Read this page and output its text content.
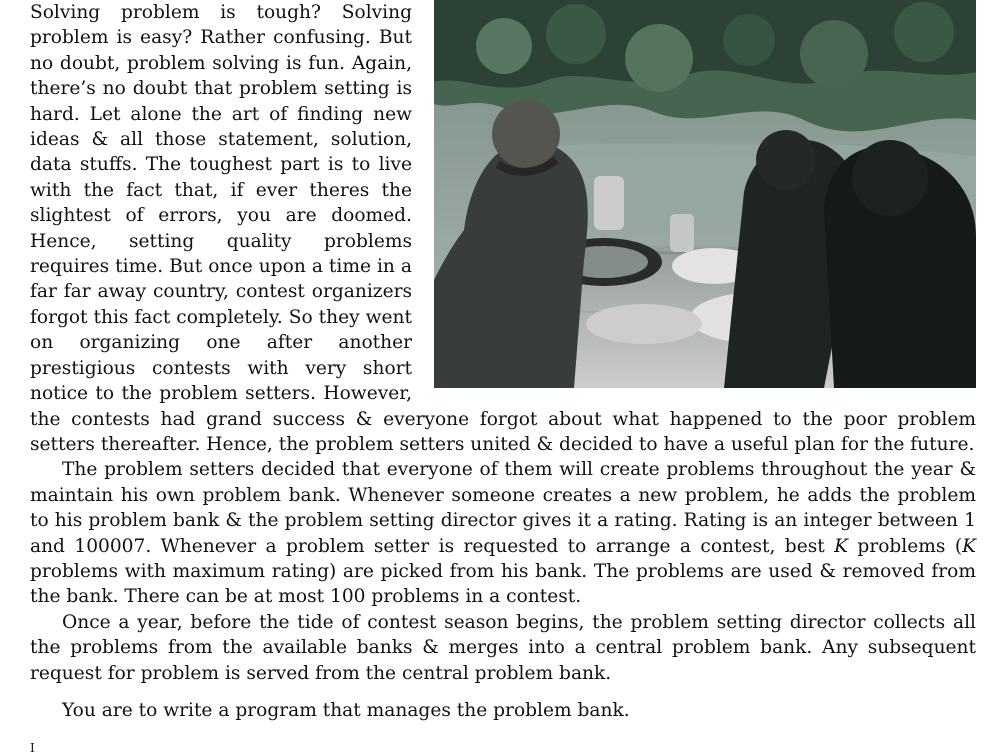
Solving problem is tough? Solving problem is easy? Rather confusing. But no doubt, problem solving is fun. Again, there’s no doubt that problem setting is hard. Let alone the art of finding new ideas & all those statement, solution, data stuffs. The toughest part is to live with the fact that, if ever theres the slightest of errors, you are doomed. Hence, setting quality problems requires time. But once upon a time in a far far away country, contest organizers forgot this fact completely. So they went on organizing one after another prestigious contests with very short notice to the problem setters. However, the contests had grand success & everyone forgot about what happened to the poor problem setters thereafter. Hence, the problem setters united & decided to have a useful plan for the future.

The problem setters decided that everyone of them will create problems throughout the year & maintain his own problem bank. Whenever someone creates a new problem, he adds the problem to his problem bank & the problem setting director gives it a rating. Rating is an integer between 1 and 100007. Whenever a problem setter is requested to arrange a contest, best K problems (K problems with maximum rating) are picked from his bank. The problems are used & removed from the bank. There can be at most 100 problems in a contest.

Once a year, before the tide of contest season begins, the problem setting director collects all the problems from the available banks & merges into a central problem bank. Any subsequent request for problem is served from the central problem bank.

You are to write a program that manages the problem bank.

I
